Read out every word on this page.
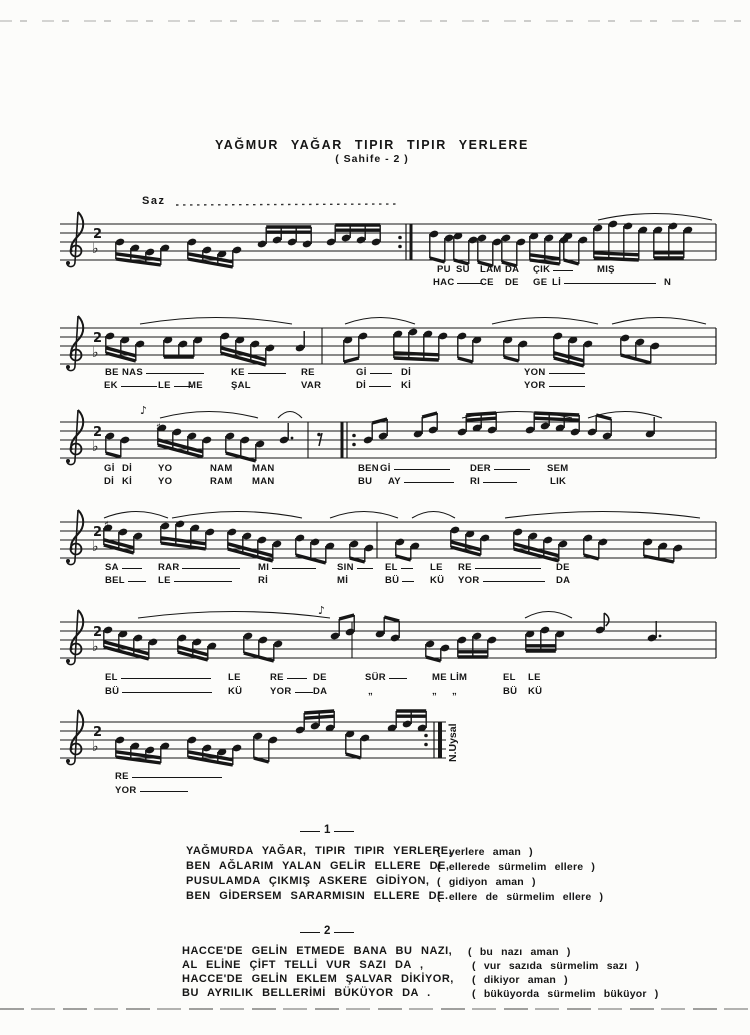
YAĞMUR YAĞAR TIPIR TIPIR YERLERE
( Sahife - 2 )
Saz
2
♭
2
♭
2
♭
♯	♯
♪
2
♭
♯
2
♭
♪
2
♭	N.Uysal
PU SU LAM DA ÇIK	MIŞ
HAC	CE DE GE Lİ	N
BE NAS	KE	RE	Gİ	Dİ	YON
EK	LE	ME	ŞAL	VAR	Dİ	Kİ	YOR
Gİ Dİ	YO	NAM MAN	BEN Gİ	DER	SEM
Dİ Kİ	YO	RAM MAN	BU AY	RI	LIK
SA	RAR	MI	SIN	EL	LE RE	DE
BEL	LE	Rİ	Mİ	BÜ	KÜ YOR	DA
EL	LE	RE	DE	SÜR	ME LİM	EL LE
BÜ	KÜ	YOR	DA	„	„ „	BÜ KÜ
RE
YOR
1
YAĞMURDA YAĞAR, TIPIR TIPIR YERLERE,
( yerlere aman )
BEN AĞLARIM YALAN GELİR ELLERE DE,
( ellerede sürmelim ellere )
PUSULAMDA ÇIKMIŞ ASKERE GİDİYON, ( gidiyon aman )
BEN GİDERSEM SARARMISIN ELLERE DE.
( ellere de sürmelim ellere )
2
HACCE'DE GELİN ETMEDE BANA BU NAZI, ( bu nazı aman )
AL ELİNE ÇİFT TELLİ VUR SAZI DA ,	( vur sazıda sürmelim sazı )
HACCE'DE GELİN EKLEM ŞALVAR DİKİYOR, ( dikiyor aman )
BU AYRILIK BELLERİMİ BÜKÜYOR DA .	( büküyorda sürmelim büküyor )
